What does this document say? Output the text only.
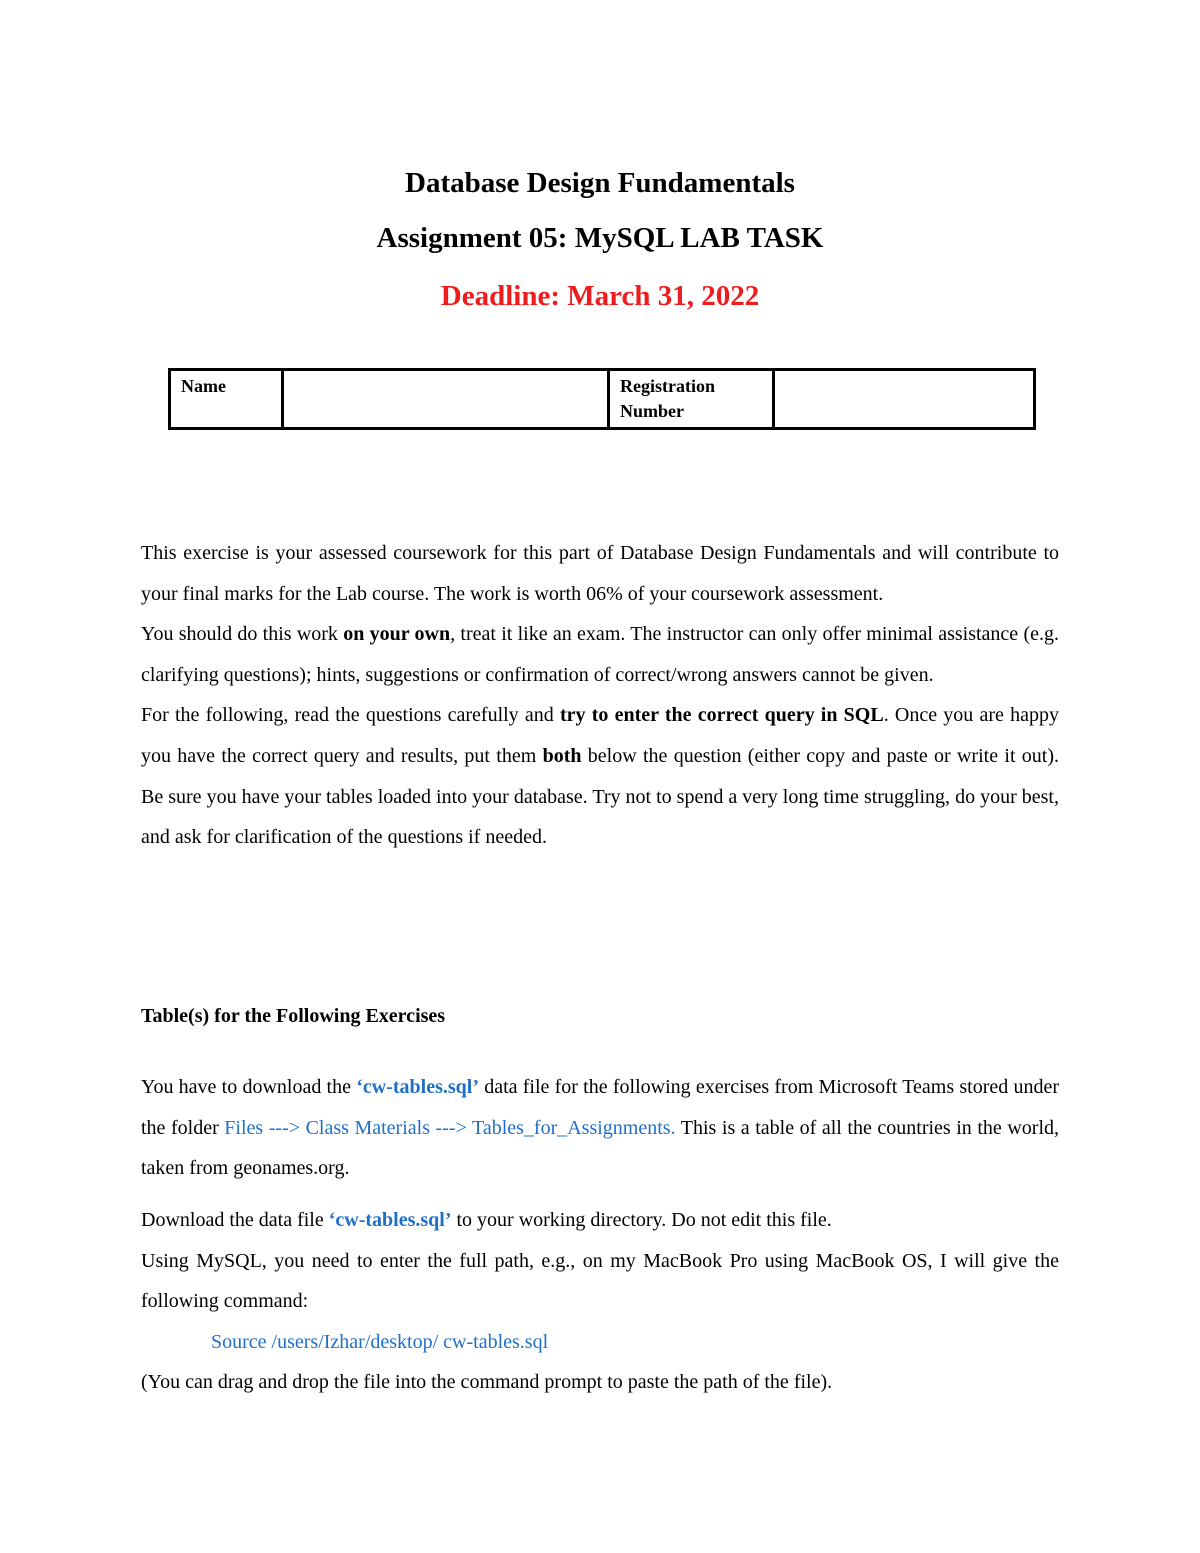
Database Design Fundamentals
Assignment 05: MySQL LAB TASK
Deadline: March 31, 2022
Name		Registration
Number	
This exercise is your assessed coursework for this part of Database Design Fundamentals and will contribute to your final marks for the Lab course. The work is worth 06% of your coursework assessment.
You should do this work on your own, treat it like an exam. The instructor can only offer minimal assistance (e.g. clarifying questions); hints, suggestions or confirmation of correct/wrong answers cannot be given.
For the following, read the questions carefully and try to enter the correct query in SQL. Once you are happy you have the correct query and results, put them both below the question (either copy and paste or write it out). Be sure you have your tables loaded into your database. Try not to spend a very long time struggling, do your best, and ask for clarification of the questions if needed.
Table(s) for the Following Exercises
You have to download the ‘cw-tables.sql’ data file for the following exercises from Microsoft Teams stored under the folder Files ---> Class Materials ---> Tables_for_Assignments. This is a table of all the countries in the world, taken from geonames.org.
Download the data file ‘cw-tables.sql’ to your working directory. Do not edit this file.
Using MySQL, you need to enter the full path, e.g., on my MacBook Pro using MacBook OS, I will give the following command:
Source /users/Izhar/desktop/ cw-tables.sql
(You can drag and drop the file into the command prompt to paste the path of the file).
